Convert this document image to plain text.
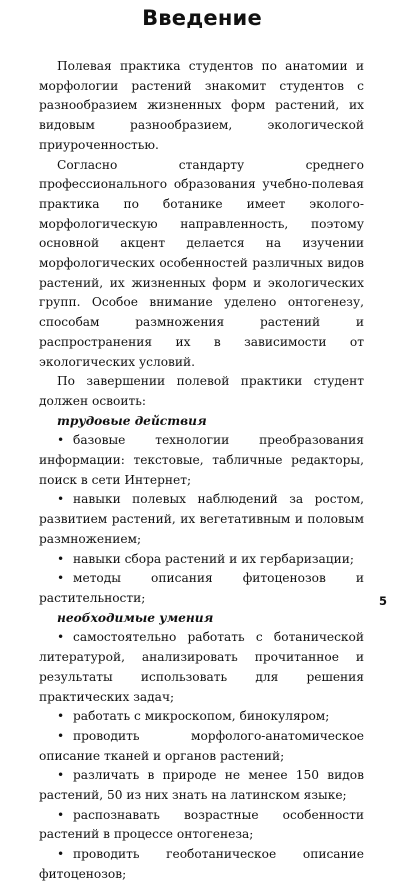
Введение

Полевая практика студентов по анатомии и морфологии растений знакомит студентов с разнообразием жизненных форм растений, их видовым разнообразием, экологической приуроченностью.

Согласно стандарту среднего профессионального образования учебно-полевая практика по ботанике имеет эколого-морфологическую направленность, поэтому основной акцент делается на изучении морфологических особенностей различных видов растений, их жизненных форм и экологических групп. Особое внимание уделено онтогенезу, способам размножения растений и распространения их в зависимости от экологических условий.

По завершении полевой практики студент должен освоить:

трудовые действия
• базовые технологии преобразования информации: текстовые, табличные редакторы, поиск в сети Интернет;
• навыки полевых наблюдений за ростом, развитием растений, их вегетативным и половым размножением;
• навыки сбора растений и их гербаризации;
• методы описания фитоценозов и растительности;
необходимые умения
• самостоятельно работать с ботанической литературой, анализировать прочитанное и результаты использовать для решения практических задач;
• работать с микроскопом, бинокуляром;
• проводить морфолого-анатомическое описание тканей и органов растений;
• различать в природе не менее 150 видов растений, 50 из них знать на латинском языке;
• распознавать возрастные особенности растений в процессе онтогенеза;
• проводить геоботаническое описание фитоценозов;
5
